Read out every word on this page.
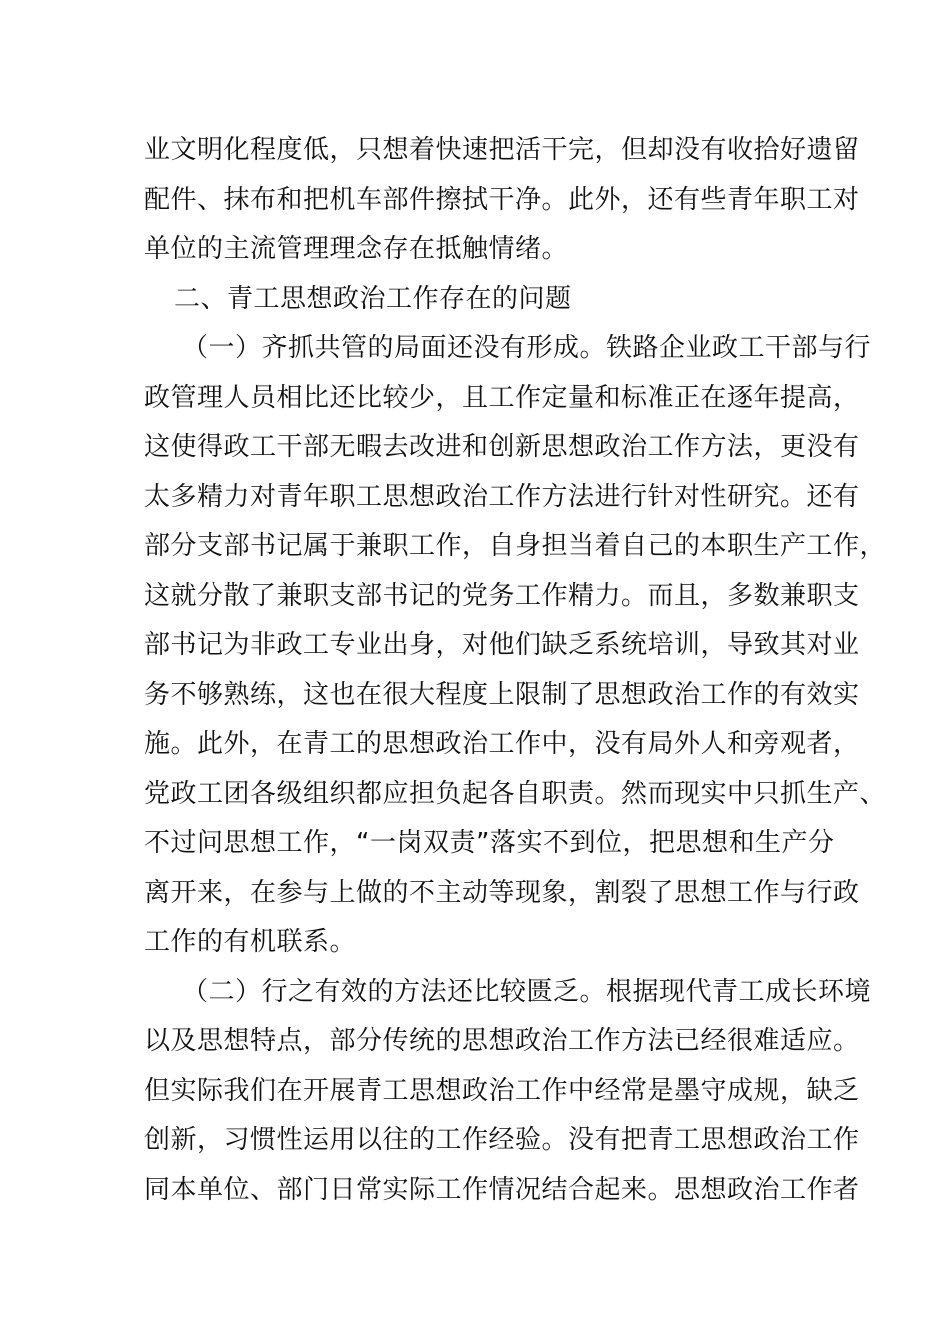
业文明化程度低，只想着快速把活干完，但却没有收拾好遗留
配件、抹布和把机车部件擦拭干净。此外，还有些青年职工对
单位的主流管理理念存在抵触情绪。
二、青工思想政治工作存在的问题
（一）齐抓共管的局面还没有形成。铁路企业政工干部与行
政管理人员相比还比较少，且工作定量和标准正在逐年提高，
这使得政工干部无暇去改进和创新思想政治工作方法，更没有
太多精力对青年职工思想政治工作方法进行针对性研究。还有
部分支部书记属于兼职工作，自身担当着自己的本职生产工作，
这就分散了兼职支部书记的党务工作精力。而且，多数兼职支
部书记为非政工专业出身，对他们缺乏系统培训，导致其对业
务不够熟练，这也在很大程度上限制了思想政治工作的有效实
施。此外，在青工的思想政治工作中，没有局外人和旁观者，
党政工团各级组织都应担负起各自职责。然而现实中只抓生产、
不过问思想工作，“一岗双责”落实不到位，把思想和生产分
离开来，在参与上做的不主动等现象，割裂了思想工作与行政
工作的有机联系。
（二）行之有效的方法还比较匮乏。根据现代青工成长环境
以及思想特点，部分传统的思想政治工作方法已经很难适应。
但实际我们在开展青工思想政治工作中经常是墨守成规，缺乏
创新，习惯性运用以往的工作经验。没有把青工思想政治工作
同本单位、部门日常实际工作情况结合起来。思想政治工作者
